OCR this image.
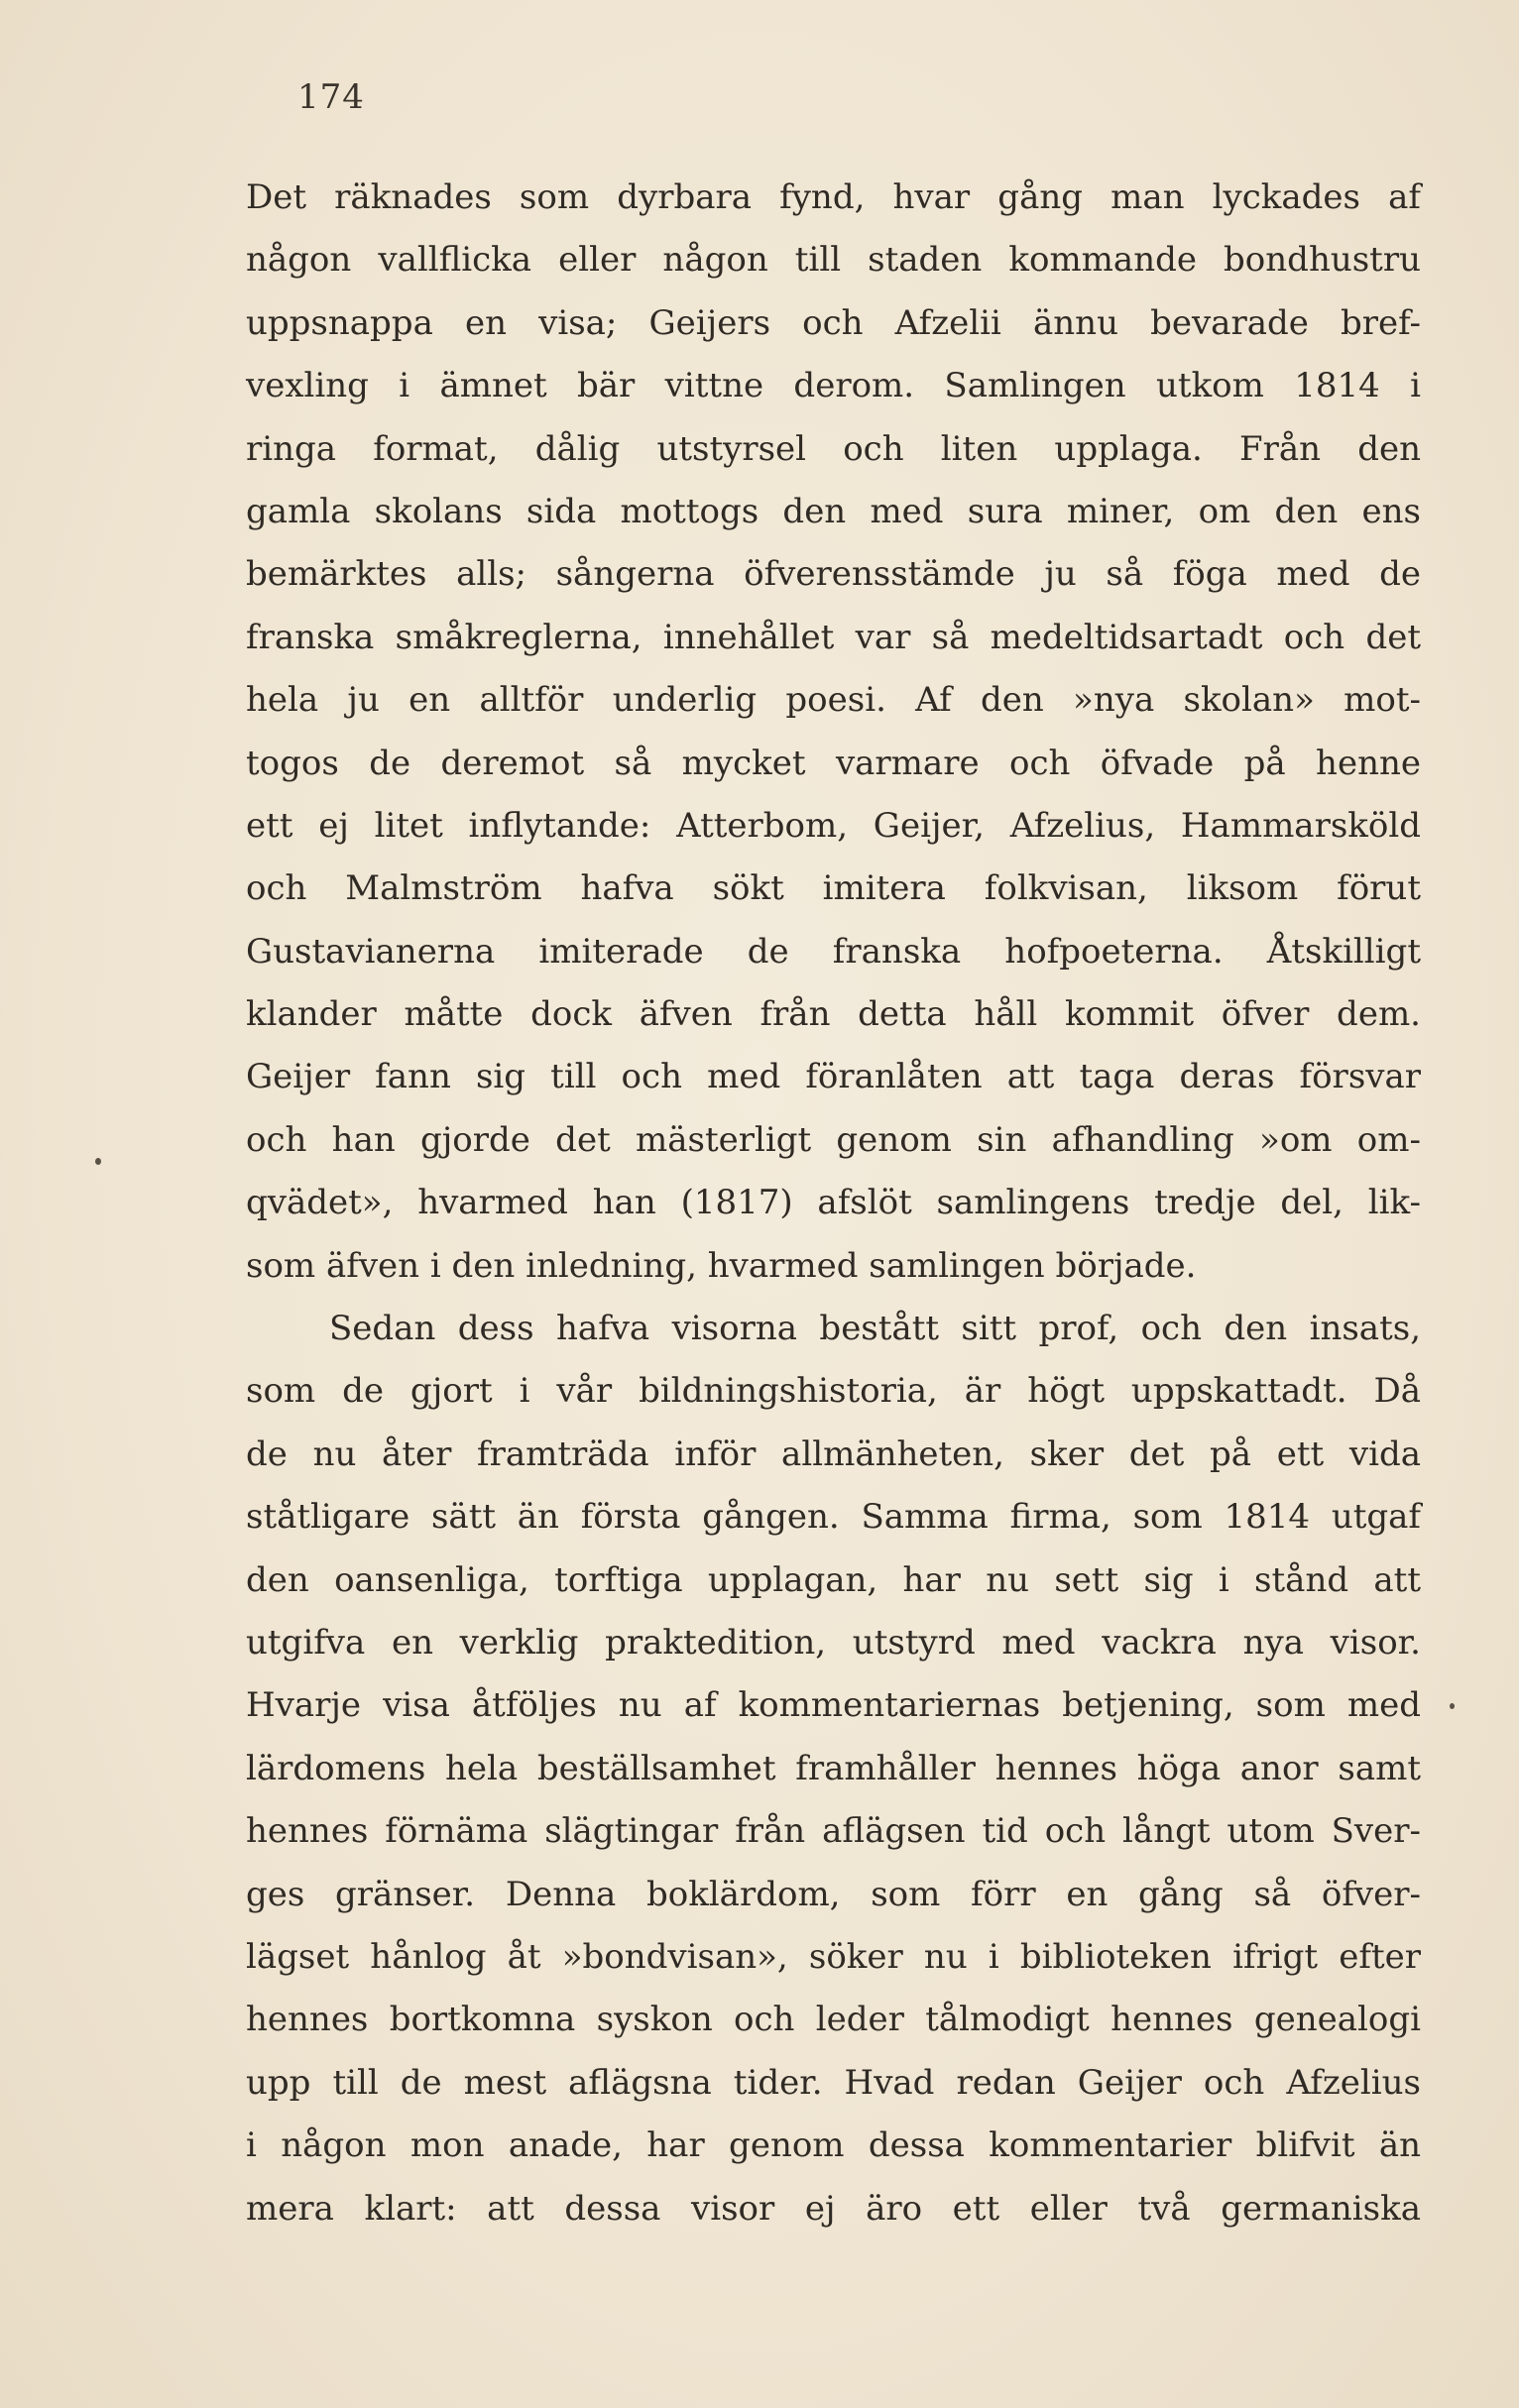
174
Det räknades som dyrbara fynd, hvar gång man lyckades af
någon vallflicka eller någon till staden kommande bondhustru
uppsnappa en visa; Geijers och Afzelii ännu bevarade bref-
vexling i ämnet bär vittne derom. Samlingen utkom 1814 i
ringa format, dålig utstyrsel och liten upplaga. Från den
gamla skolans sida mottogs den med sura miner, om den ens
bemärktes alls; sångerna öfverensstämde ju så föga med de
franska småkreglerna, innehållet var så medeltidsartadt och det
hela ju en alltför underlig poesi. Af den »nya skolan» mot-
togos de deremot så mycket varmare och öfvade på henne
ett ej litet inflytande: Atterbom, Geijer, Afzelius, Hammarsköld
och Malmström hafva sökt imitera folkvisan, liksom förut
Gustavianerna imiterade de franska hofpoeterna. Åtskilligt
klander måtte dock äfven från detta håll kommit öfver dem.
Geijer fann sig till och med föranlåten att taga deras försvar
och han gjorde det mästerligt genom sin afhandling »om om-
qvädet», hvarmed han (1817) afslöt samlingens tredje del, lik-
som äfven i den inledning, hvarmed samlingen började.
Sedan dess hafva visorna bestått sitt prof, och den insats,
som de gjort i vår bildningshistoria, är högt uppskattadt. Då
de nu åter framträda inför allmänheten, sker det på ett vida
ståtligare sätt än första gången. Samma firma, som 1814 utgaf
den oansenliga, torftiga upplagan, har nu sett sig i stånd att
utgifva en verklig praktedition, utstyrd med vackra nya visor.
Hvarje visa åtföljes nu af kommentariernas betjening, som med
lärdomens hela beställsamhet framhåller hennes höga anor samt
hennes förnäma slägtingar från aflägsen tid och långt utom Sver-
ges gränser. Denna boklärdom, som förr en gång så öfver-
lägset hånlog åt »bondvisan», söker nu i biblioteken ifrigt efter
hennes bortkomna syskon och leder tålmodigt hennes genealogi
upp till de mest aflägsna tider. Hvad redan Geijer och Afzelius
i någon mon anade, har genom dessa kommentarier blifvit än
mera klart: att dessa visor ej äro ett eller två germaniska
